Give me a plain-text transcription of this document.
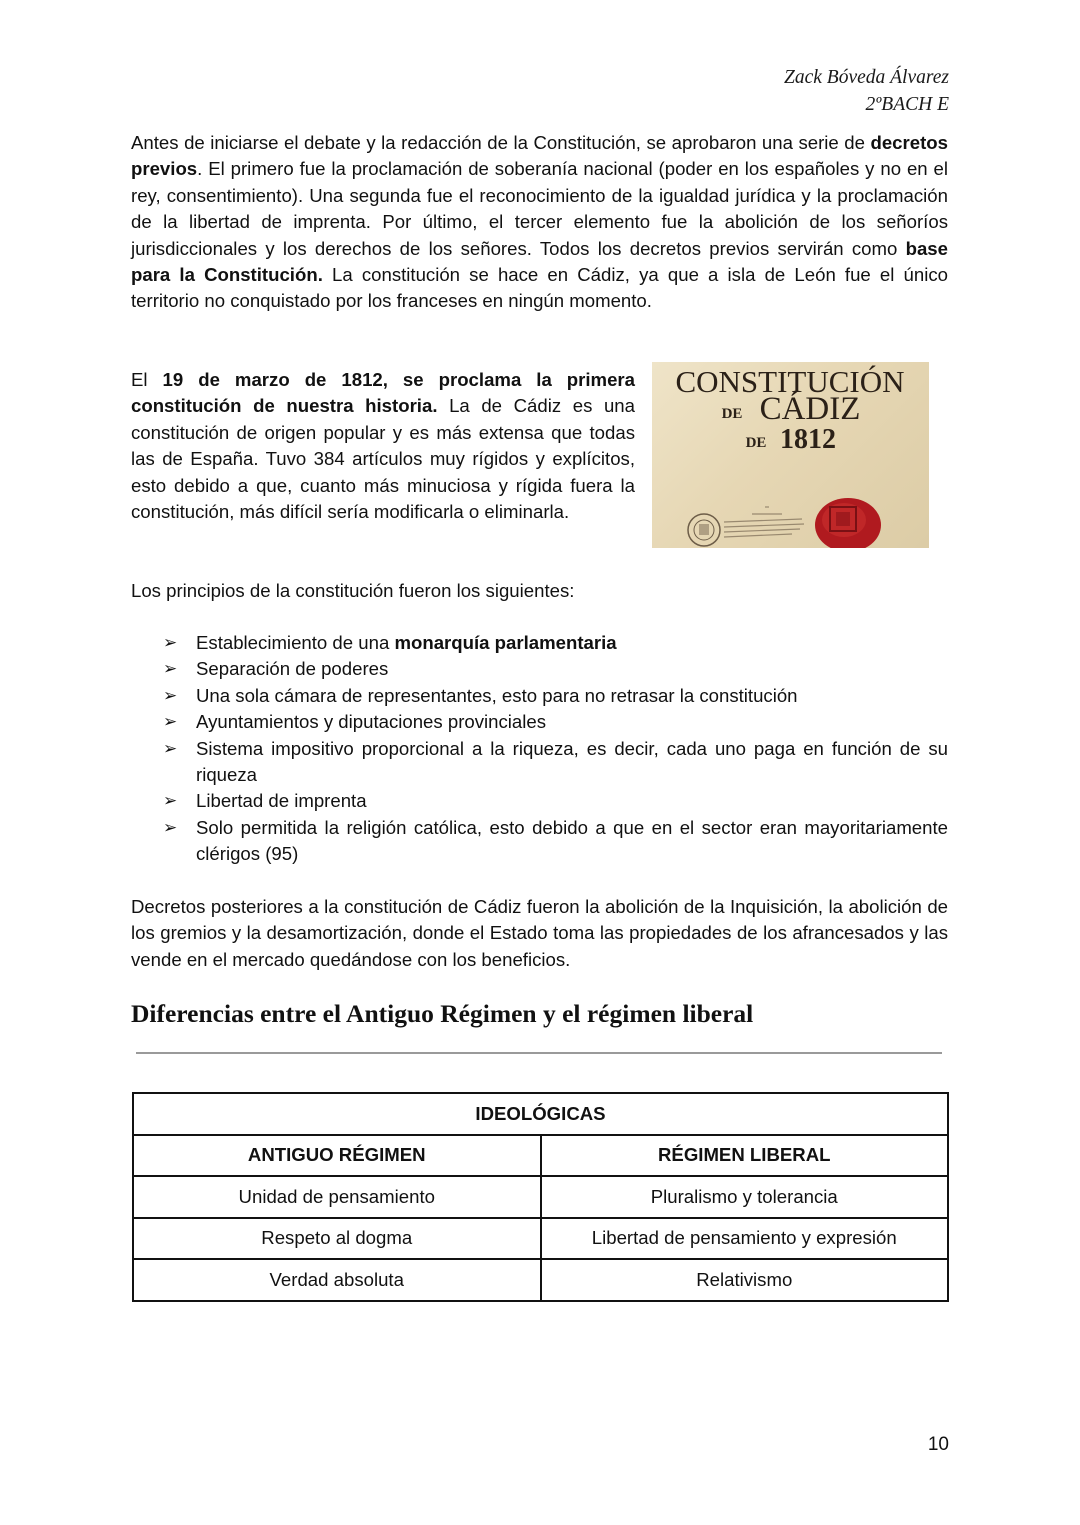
Zack Bóveda Álvarez
2ºBACH E

Antes de iniciarse el debate y la redacción de la Constitución, se aprobaron una serie de decretos previos. El primero fue la proclamación de soberanía nacional (poder en los españoles y no en el rey, consentimiento). Una segunda fue el reconocimiento de la igualdad jurídica y la proclamación de la libertad de imprenta. Por último, el tercer elemento fue la abolición de los señoríos jurisdiccionales y los derechos de los señores. Todos los decretos previos servirán como base para la Constitución. La constitución se hace en Cádiz, ya que a isla de León fue el único territorio no conquistado por los franceses en ningún momento.

El 19 de marzo de 1812, se proclama la primera constitución de nuestra historia. La de Cádiz es una constitución de origen popular y es más extensa que todas las de España. Tuvo 384 artículos muy rígidos y explícitos, esto debido a que, cuanto más minuciosa y rígida fuera la constitución, más difícil sería modificarla o eliminarla.

CONSTITUCIÓN
DE CÁDIZ
DE 1812

Los principios de la constitución fueron los siguientes:

➢ Establecimiento de una monarquía parlamentaria
➢ Separación de poderes
➢ Una sola cámara de representantes, esto para no retrasar la constitución
➢ Ayuntamientos y diputaciones provinciales
➢ Sistema impositivo proporcional a la riqueza, es decir, cada uno paga en función de su riqueza
➢ Libertad de imprenta
➢ Solo permitida la religión católica, esto debido a que en el sector eran mayoritariamente clérigos (95)

Decretos posteriores a la constitución de Cádiz fueron la abolición de la Inquisición, la abolición de los gremios y la desamortización, donde el Estado toma las propiedades de los afrancesados y las vende en el mercado quedándose con los beneficios.

Diferencias entre el Antiguo Régimen y el régimen liberal
IDEOLÓGICAS	
ANTIGUO RÉGIMEN	RÉGIMEN LIBERAL
Unidad de pensamiento	Pluralismo y tolerancia
Respeto al dogma	Libertad de pensamiento y expresión
Verdad absoluta	Relativismo
10
